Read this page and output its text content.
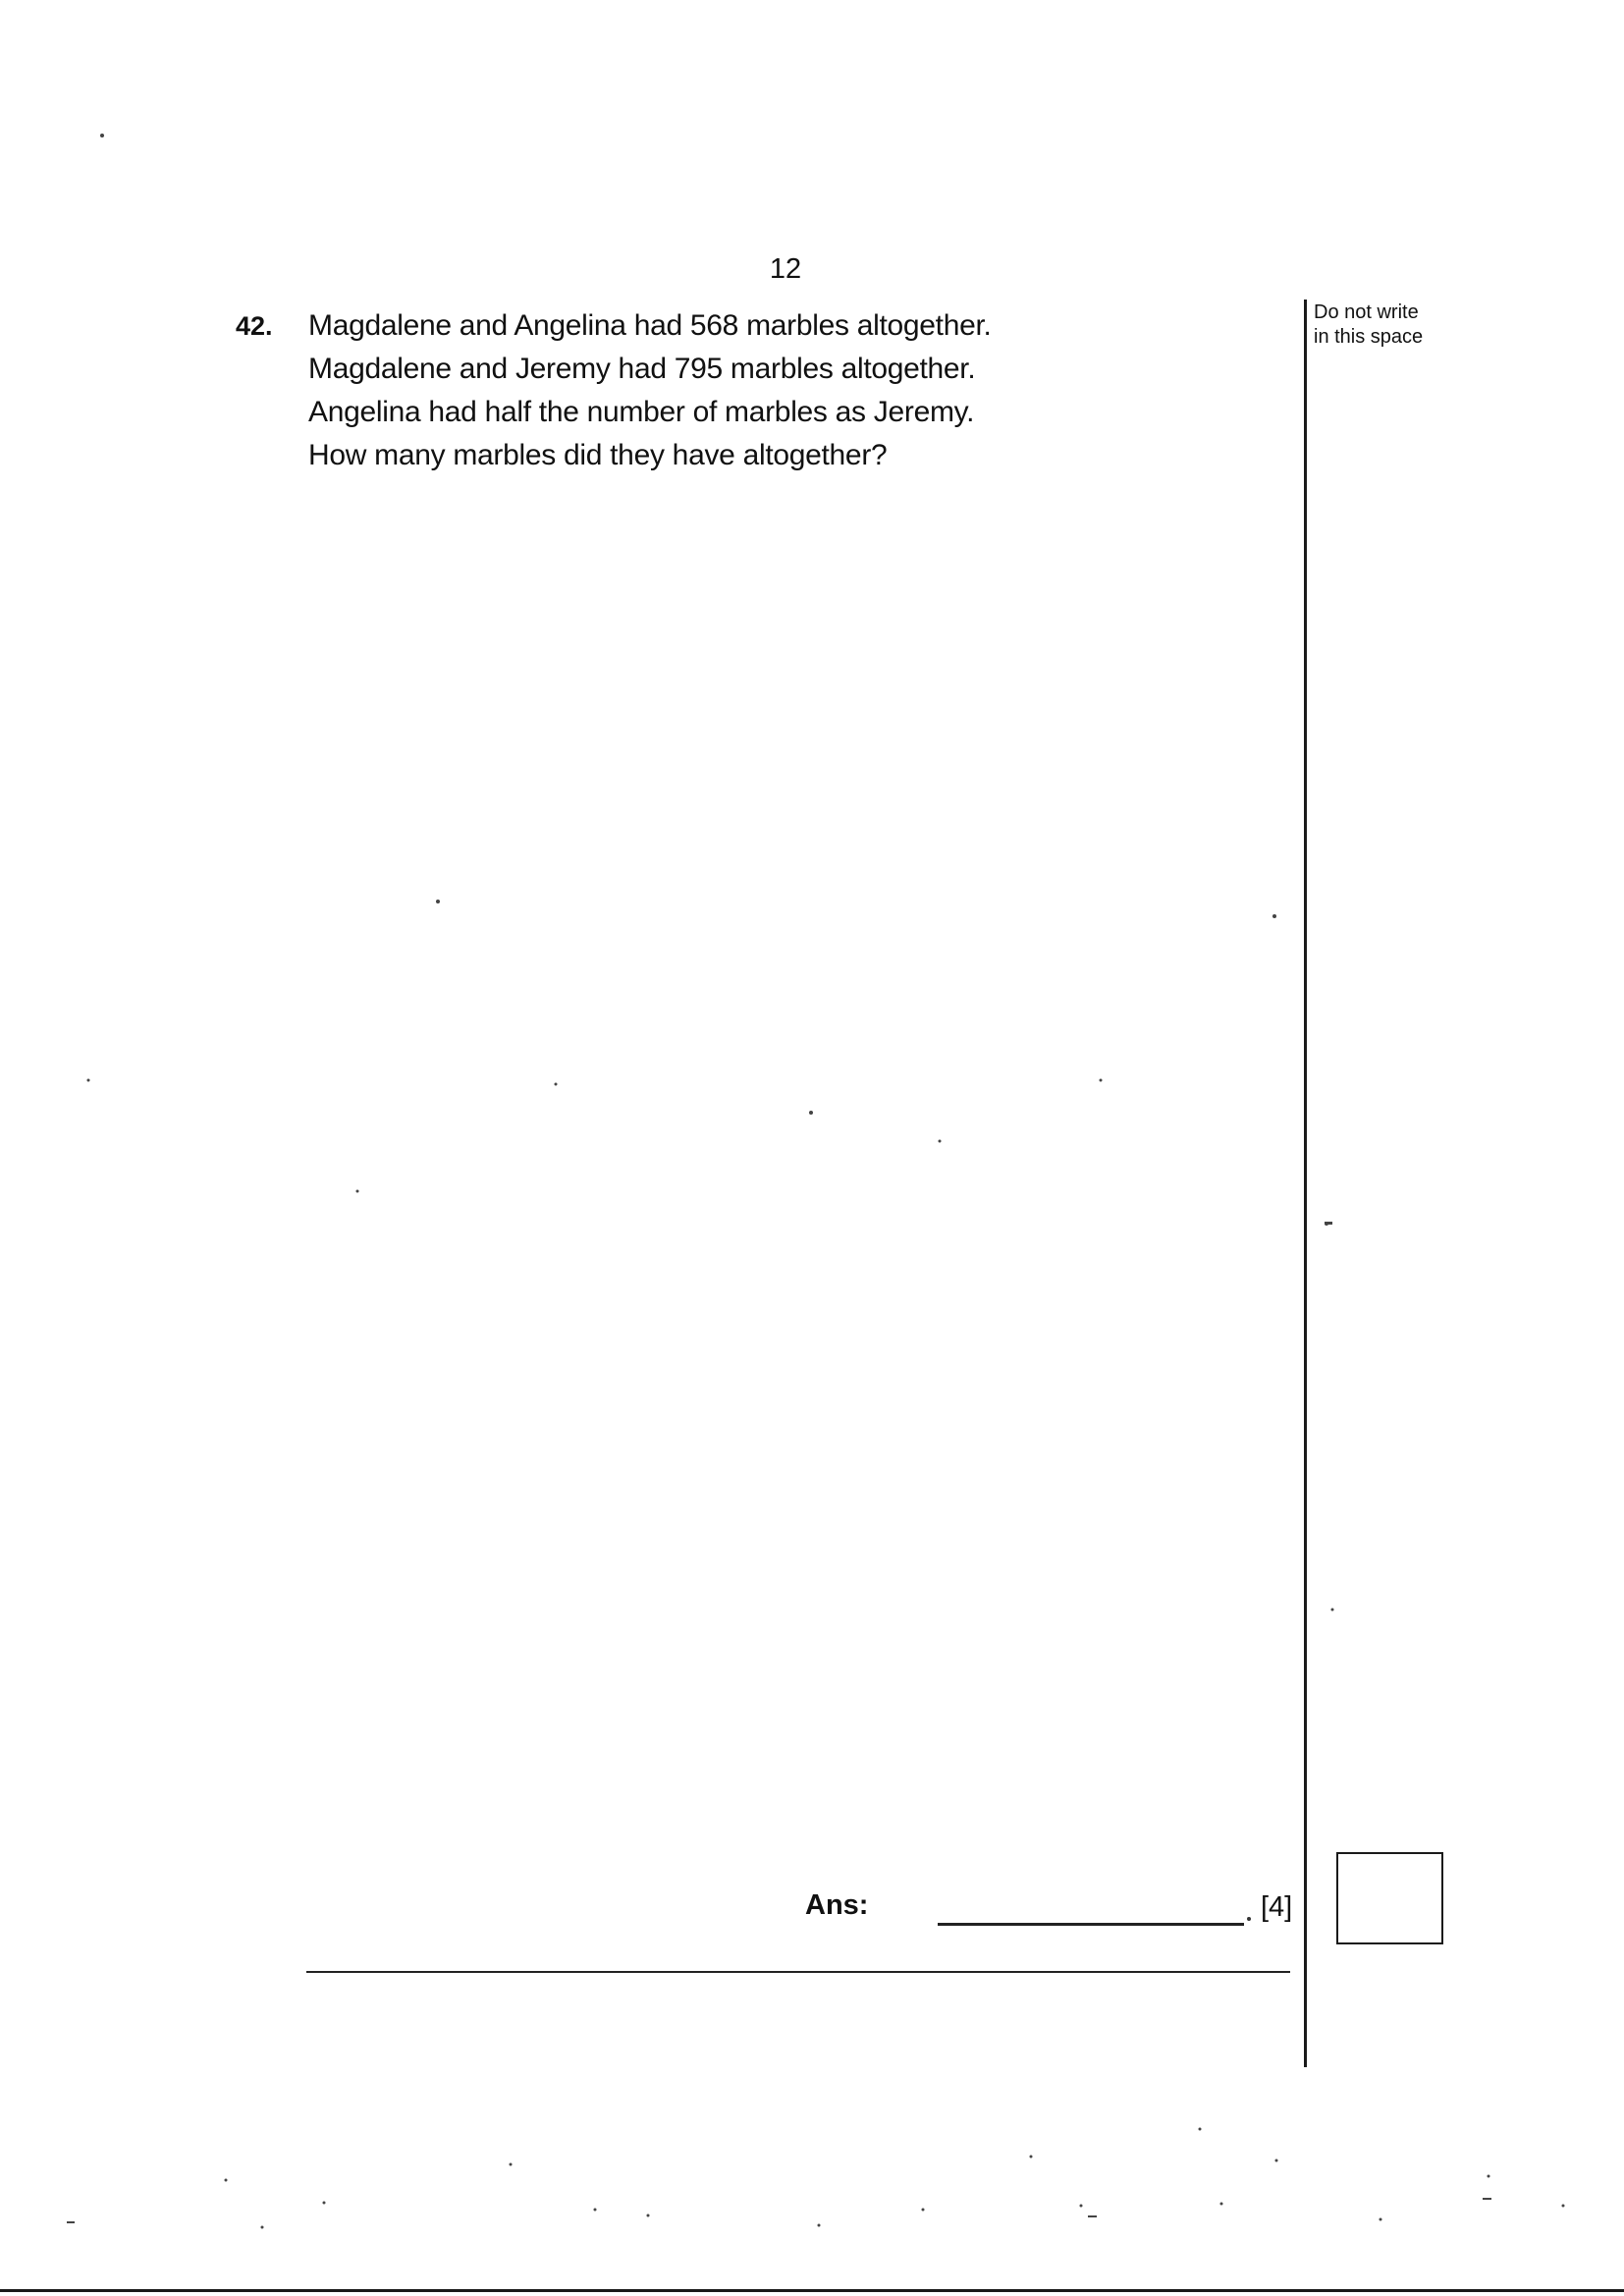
12
42. Magdalene and Angelina had 568 marbles altogether.
Magdalene and Jeremy had 795 marbles altogether.
Angelina had half the number of marbles as Jeremy.
How many marbles did they have altogether?
Do not write
in this space
Ans:	[4]
